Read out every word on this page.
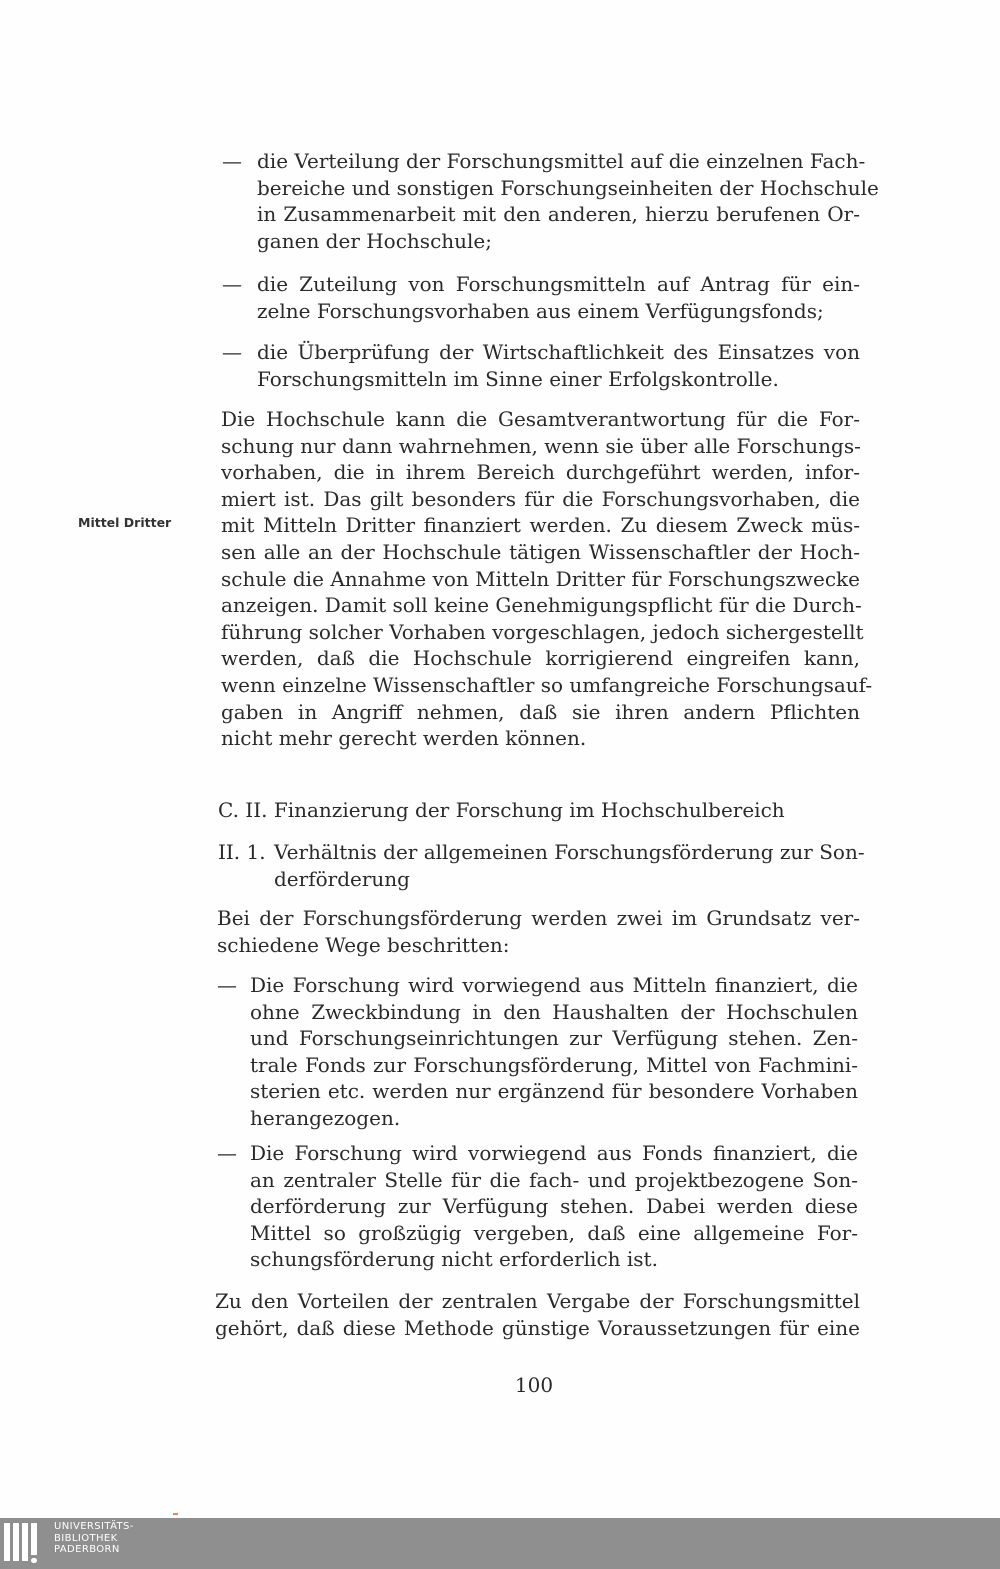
— die Verteilung der Forschungsmittel auf die einzelnen Fach-
bereiche und sonstigen Forschungseinheiten der Hochschule
in Zusammenarbeit mit den anderen, hierzu berufenen Or-
ganen der Hochschule;
— die Zuteilung von Forschungsmitteln auf Antrag für ein-
zelne Forschungsvorhaben aus einem Verfügungsfonds;
— die Überprüfung der Wirtschaftlichkeit des Einsatzes von
Forschungsmitteln im Sinne einer Erfolgskontrolle.
Mittel Dritter
Die Hochschule kann die Gesamtverantwortung für die For-
schung nur dann wahrnehmen, wenn sie über alle Forschungs-
vorhaben, die in ihrem Bereich durchgeführt werden, infor-
miert ist. Das gilt besonders für die Forschungsvorhaben, die
mit Mitteln Dritter finanziert werden. Zu diesem Zweck müs-
sen alle an der Hochschule tätigen Wissenschaftler der Hoch-
schule die Annahme von Mitteln Dritter für Forschungszwecke
anzeigen. Damit soll keine Genehmigungspflicht für die Durch-
führung solcher Vorhaben vorgeschlagen, jedoch sichergestellt
werden, daß die Hochschule korrigierend eingreifen kann,
wenn einzelne Wissenschaftler so umfangreiche Forschungsauf-
gaben in Angriff nehmen, daß sie ihren andern Pflichten
nicht mehr gerecht werden können.
C. II. Finanzierung der Forschung im Hochschulbereich
II. 1. Verhältnis der allgemeinen Forschungsförderung zur Son-
derförderung
Bei der Forschungsförderung werden zwei im Grundsatz ver-
schiedene Wege beschritten:
— Die Forschung wird vorwiegend aus Mitteln finanziert, die
ohne Zweckbindung in den Haushalten der Hochschulen
und Forschungseinrichtungen zur Verfügung stehen. Zen-
trale Fonds zur Forschungsförderung, Mittel von Fachmini-
sterien etc. werden nur ergänzend für besondere Vorhaben
herangezogen.
— Die Forschung wird vorwiegend aus Fonds finanziert, die
an zentraler Stelle für die fach- und projektbezogene Son-
derförderung zur Verfügung stehen. Dabei werden diese
Mittel so großzügig vergeben, daß eine allgemeine For-
schungsförderung nicht erforderlich ist.
Zu den Vorteilen der zentralen Vergabe der Forschungsmittel
gehört, daß diese Methode günstige Voraussetzungen für eine
100
UNIVERSITÄTS-
BIBLIOTHEK
PADERBORN
